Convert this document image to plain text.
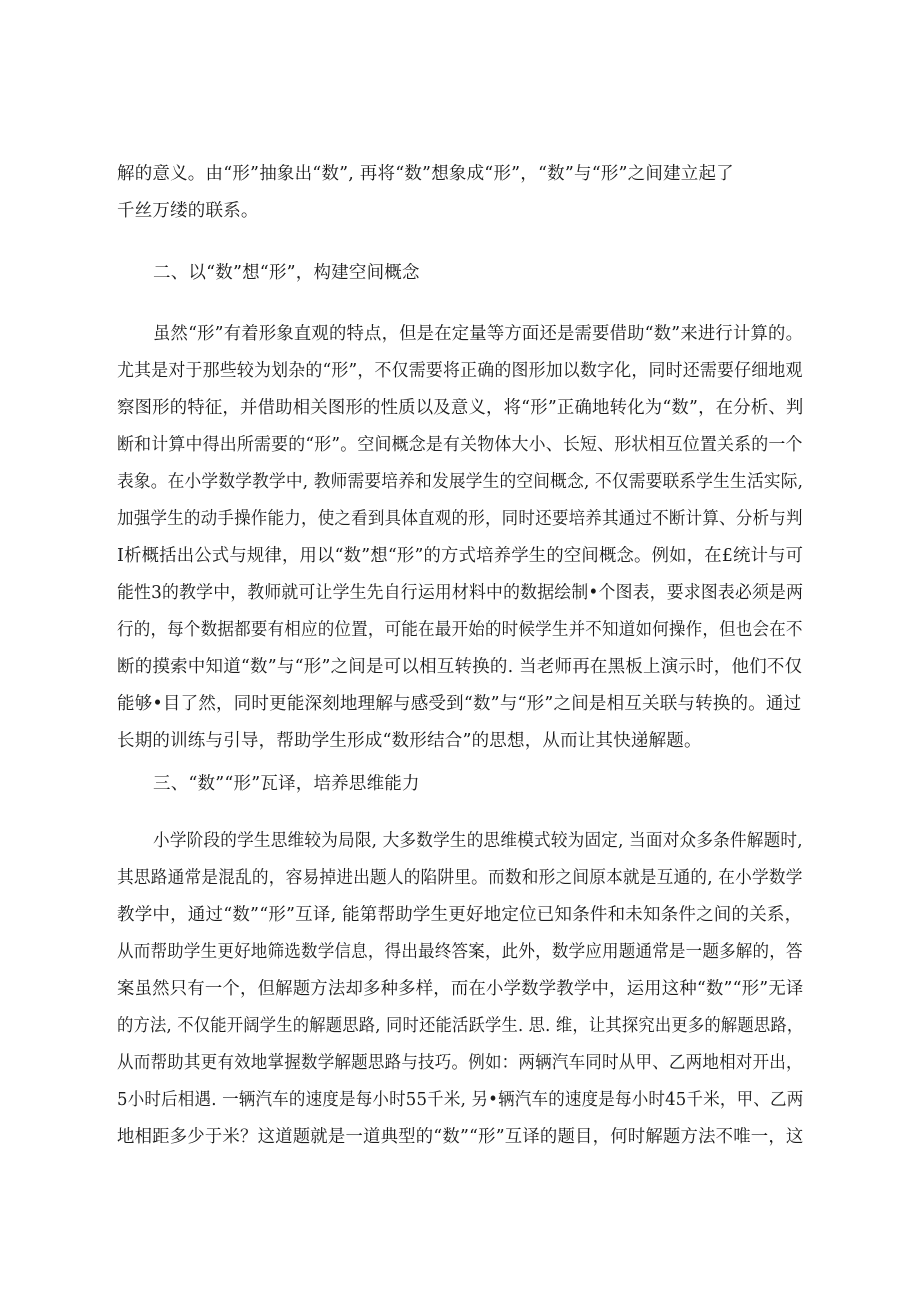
解的意义。由“形”抽象出“数”, 再将“数”想象成“形”，“数”与“形”之间建立起了
千丝万缕的联系。
二、以“数”想“形”，构建空间概念
虽然“形”有着形象直观的特点，但是在定量等方面还是需要借助“数”来进行计算的。
尤其是对于那些较为划杂的“形”，不仅需要将正确的图形加以数字化，同时还需要仔细地观
察图形的特征，并借助相关图形的性质以及意义，将“形”正确地转化为“数”，在分析、判
断和计算中得出所需要的“形”。空间概念是有关物体大小、长短、形状相互位置关系的一个
表象。在小学数学教学中, 教师需要培养和发展学生的空间概念, 不仅需要联系学生生活实际,
加强学生的动手操作能力，使之看到具体直观的形，同时还要培养其通过不断计算、分析与判
I析概括出公式与规律，用以“数”想“形”的方式培养学生的空间概念。例如，在£统计与可
能性3的教学中，教师就可让学生先自行运用材料中的数据绘制•个图表，要求图表必须是两
行的，每个数据都要有相应的位置，可能在最开始的时候学生并不知道如何操作，但也会在不
断的摸索中知道“数”与“形”之间是可以相互转换的. 当老师再在黑板上演示时，他们不仅
能够•目了然，同时更能深刻地理解与感受到“数”与“形”之间是相互关联与转换的。通过
长期的训练与引导，帮助学生形成“数形结合”的思想，从而让其快递解题。
三、“数”“形”瓦译，培养思维能力
小学阶段的学生思维较为局限, 大多数学生的思维模式较为固定, 当面对众多条件解题时,
其思路通常是混乱的，容易掉进出题人的陷阱里。而数和形之间原本就是互通的, 在小学数学
教学中，通过“数”“形”互译, 能第帮助学生更好地定位已知条件和未知条件之间的关系，
从而帮助学生更好地筛选数学信息，得出最终答案，此外，数学应用题通常是一题多解的，答
案虽然只有一个，但解题方法却多种多样，而在小学数学教学中，运用这种“数”“形”无译
的方法, 不仅能开阔学生的解题思路, 同时还能活跃学生. 思. 维，让其探究出更多的解题思路，
从而帮助其更有效地掌握数学解题思路与技巧。例如：两辆汽车同时从甲、乙两地相对开出，
5小时后相遇. 一辆汽车的速度是每小时55千米, 另•辆汽车的速度是每小时45千米，甲、乙两
地相距多少于米？这道题就是一道典型的“数”“形”互译的题目，何时解题方法不唯一，这
